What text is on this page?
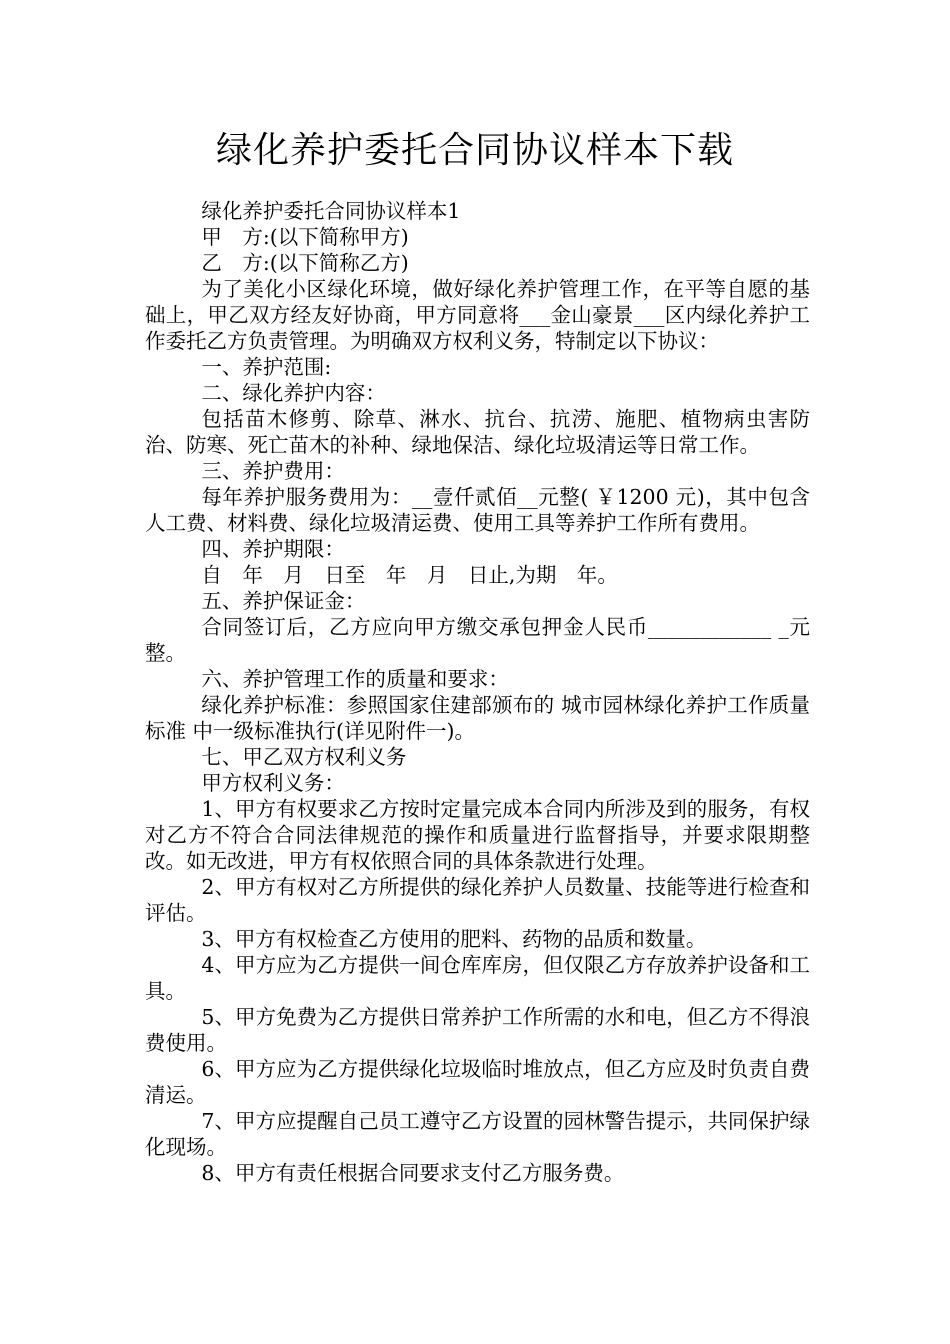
绿化养护委托合同协议样本下载

绿化养护委托合同协议样本1

甲　方:(以下简称甲方)

乙　方:(以下简称乙方)

为了美化小区绿化环境，做好绿化养护管理工作，在平等自愿的基础上，甲乙双方经友好协商，甲方同意将___金山豪景___区内绿化养护工作委托乙方负责管理。为明确双方权利义务，特制定以下协议：

一、养护范围:

二、绿化养护内容：

包括苗木修剪、除草、淋水、抗台、抗涝、施肥、植物病虫害防治、防寒、死亡苗木的补种、绿地保洁、绿化垃圾清运等日常工作。

三、养护费用：

每年养护服务费用为：__壹仟贰佰__元整( ￥1200 元)，其中包含人工费、材料费、绿化垃圾清运费、使用工具等养护工作所有费用。

四、养护期限：

自　年　月　日至　年　月　日止,为期　年。

五、养护保证金：

合同签订后，乙方应向甲方缴交承包押金人民币____________ _元整。

六、养护管理工作的质量和要求：

绿化养护标准：参照国家住建部颁布的 城市园林绿化养护工作质量标准 中一级标准执行(详见附件一)。

七、甲乙双方权利义务

甲方权利义务：

1、甲方有权要求乙方按时定量完成本合同内所涉及到的服务，有权对乙方不符合合同法律规范的操作和质量进行监督指导，并要求限期整改。如无改进，甲方有权依照合同的具体条款进行处理。

2、甲方有权对乙方所提供的绿化养护人员数量、技能等进行检查和评估。

3、甲方有权检查乙方使用的肥料、药物的品质和数量。

4、甲方应为乙方提供一间仓库库房，但仅限乙方存放养护设备和工具。

5、甲方免费为乙方提供日常养护工作所需的水和电，但乙方不得浪费使用。

6、甲方应为乙方提供绿化垃圾临时堆放点，但乙方应及时负责自费清运。

7、甲方应提醒自己员工遵守乙方设置的园林警告提示，共同保护绿化现场。

8、甲方有责任根据合同要求支付乙方服务费。
